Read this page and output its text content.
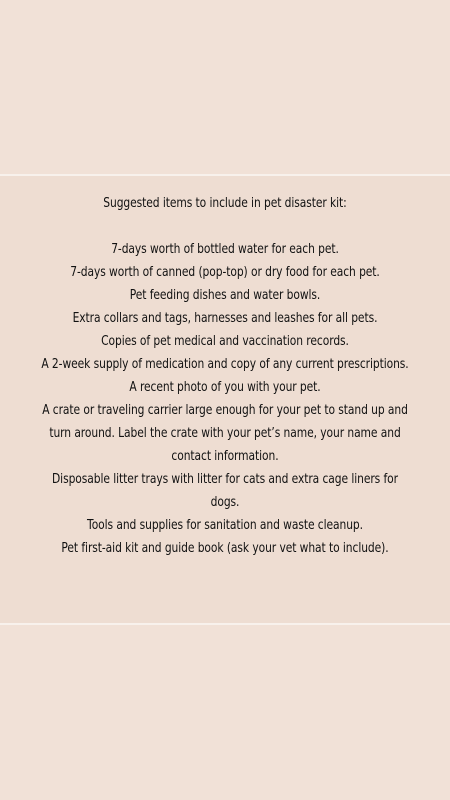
Suggested items to include in pet disaster kit:
7-days worth of bottled water for each pet.
7-days worth of canned (pop-top) or dry food for each pet.
Pet feeding dishes and water bowls.
Extra collars and tags, harnesses and leashes for all pets.
Copies of pet medical and vaccination records.
A 2-week supply of medication and copy of any current prescriptions.
A recent photo of you with your pet.
A crate or traveling carrier large enough for your pet to stand up and
turn around. Label the crate with your pet’s name, your name and
contact information.
Disposable litter trays with litter for cats and extra cage liners for
dogs.
Tools and supplies for sanitation and waste cleanup.
Pet first-aid kit and guide book (ask your vet what to include).
